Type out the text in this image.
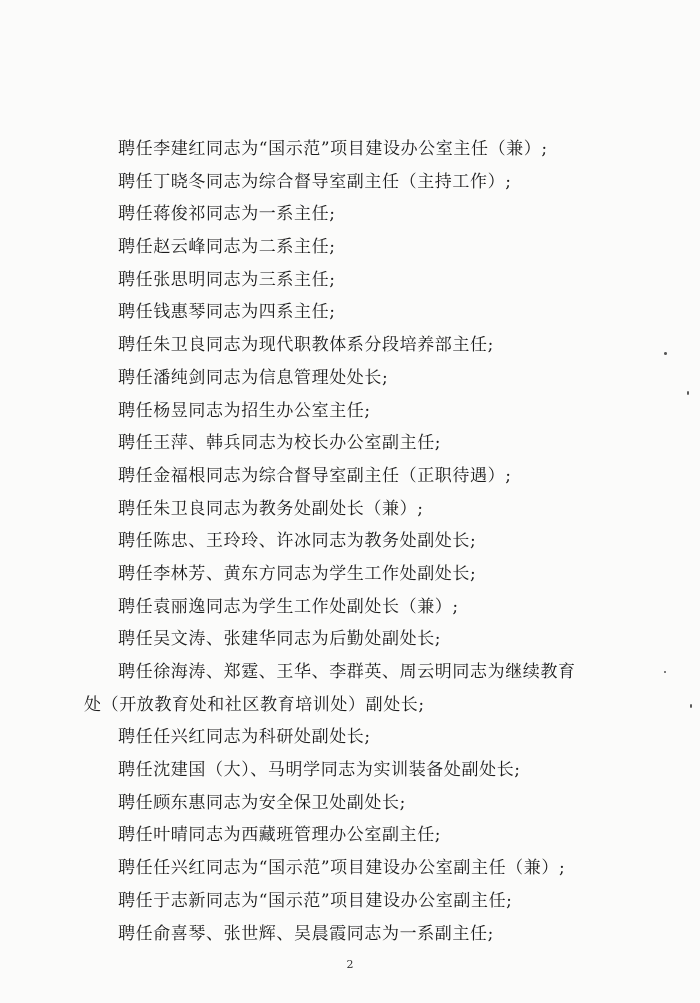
聘任李建红同志为“国示范”项目建设办公室主任（兼）;
聘任丁晓冬同志为综合督导室副主任（主持工作）;
聘任蒋俊祁同志为一系主任;
聘任赵云峰同志为二系主任;
聘任张思明同志为三系主任;
聘任钱惠琴同志为四系主任;
聘任朱卫良同志为现代职教体系分段培养部主任;
聘任潘纯剑同志为信息管理处处长;
聘任杨昱同志为招生办公室主任;
聘任王萍、韩兵同志为校长办公室副主任;
聘任金福根同志为综合督导室副主任（正职待遇）;
聘任朱卫良同志为教务处副处长（兼）;
聘任陈忠、王玲玲、许冰同志为教务处副处长;
聘任李林芳、黄东方同志为学生工作处副处长;
聘任袁丽逸同志为学生工作处副处长（兼）;
聘任吴文涛、张建华同志为后勤处副处长;
聘任徐海涛、郑霆、王华、李群英、周云明同志为继续教育
处（开放教育处和社区教育培训处）副处长;
聘任任兴红同志为科研处副处长;
聘任沈建国（大）、马明学同志为实训装备处副处长;
聘任顾东惠同志为安全保卫处副处长;
聘任叶晴同志为西藏班管理办公室副主任;
聘任任兴红同志为“国示范”项目建设办公室副主任（兼）;
聘任于志新同志为“国示范”项目建设办公室副主任;
聘任俞喜琴、张世辉、吴晨霞同志为一系副主任;
2
